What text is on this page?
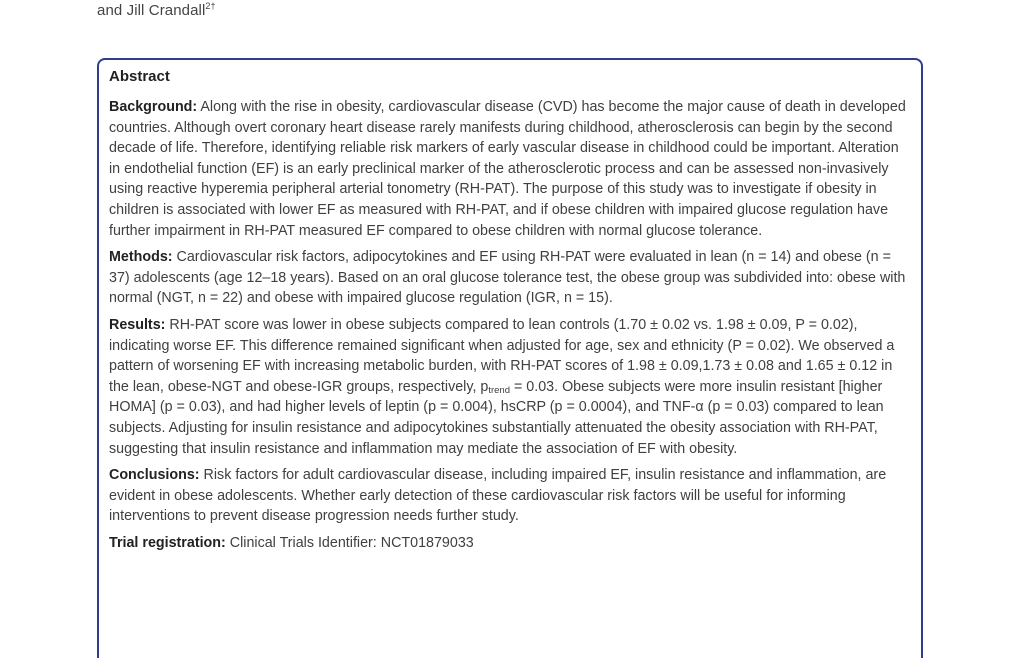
and Jill Crandall$^{2\dagger}$
Abstract

Background: Along with the rise in obesity, cardiovascular disease (CVD) has become the major cause of death in developed countries. Although overt coronary heart disease rarely manifests during childhood, atherosclerosis can begin by the second decade of life. Therefore, identifying reliable risk markers of early vascular disease in childhood could be important. Alteration in endothelial function (EF) is an early preclinical marker of the atherosclerotic process and can be assessed non-invasively using reactive hyperemia peripheral arterial tonometry (RH-PAT). The purpose of this study was to investigate if obesity in children is associated with lower EF as measured with RH-PAT, and if obese children with impaired glucose regulation have further impairment in RH-PAT measured EF compared to obese children with normal glucose tolerance.

Methods: Cardiovascular risk factors, adipocytokines and EF using RH-PAT were evaluated in lean (n = 14) and obese (n = 37) adolescents (age 12–18 years). Based on an oral glucose tolerance test, the obese group was subdivided into: obese with normal (NGT, n = 22) and obese with impaired glucose regulation (IGR, n = 15).

Results: RH-PAT score was lower in obese subjects compared to lean controls (1.70 ± 0.02 vs. 1.98 ± 0.09, P = 0.02), indicating worse EF. This difference remained significant when adjusted for age, sex and ethnicity (P = 0.02). We observed a pattern of worsening EF with increasing metabolic burden, with RH-PAT scores of 1.98 ± 0.09,1.73 ± 0.08 and 1.65 ± 0.12 in the lean, obese-NGT and obese-IGR groups, respectively, $p_{trend} = 0.03$. Obese subjects were more insulin resistant [higher HOMA] (p = 0.03), and had higher levels of leptin (p = 0.004), hsCRP (p = 0.0004), and TNF-α (p = 0.03) compared to lean subjects. Adjusting for insulin resistance and adipocytokines substantially attenuated the obesity association with RH-PAT, suggesting that insulin resistance and inflammation may mediate the association of EF with obesity.

Conclusions: Risk factors for adult cardiovascular disease, including impaired EF, insulin resistance and inflammation, are evident in obese adolescents. Whether early detection of these cardiovascular risk factors will be useful for informing interventions to prevent disease progression needs further study.

Trial registration: Clinical Trials Identifier: NCT01879033
